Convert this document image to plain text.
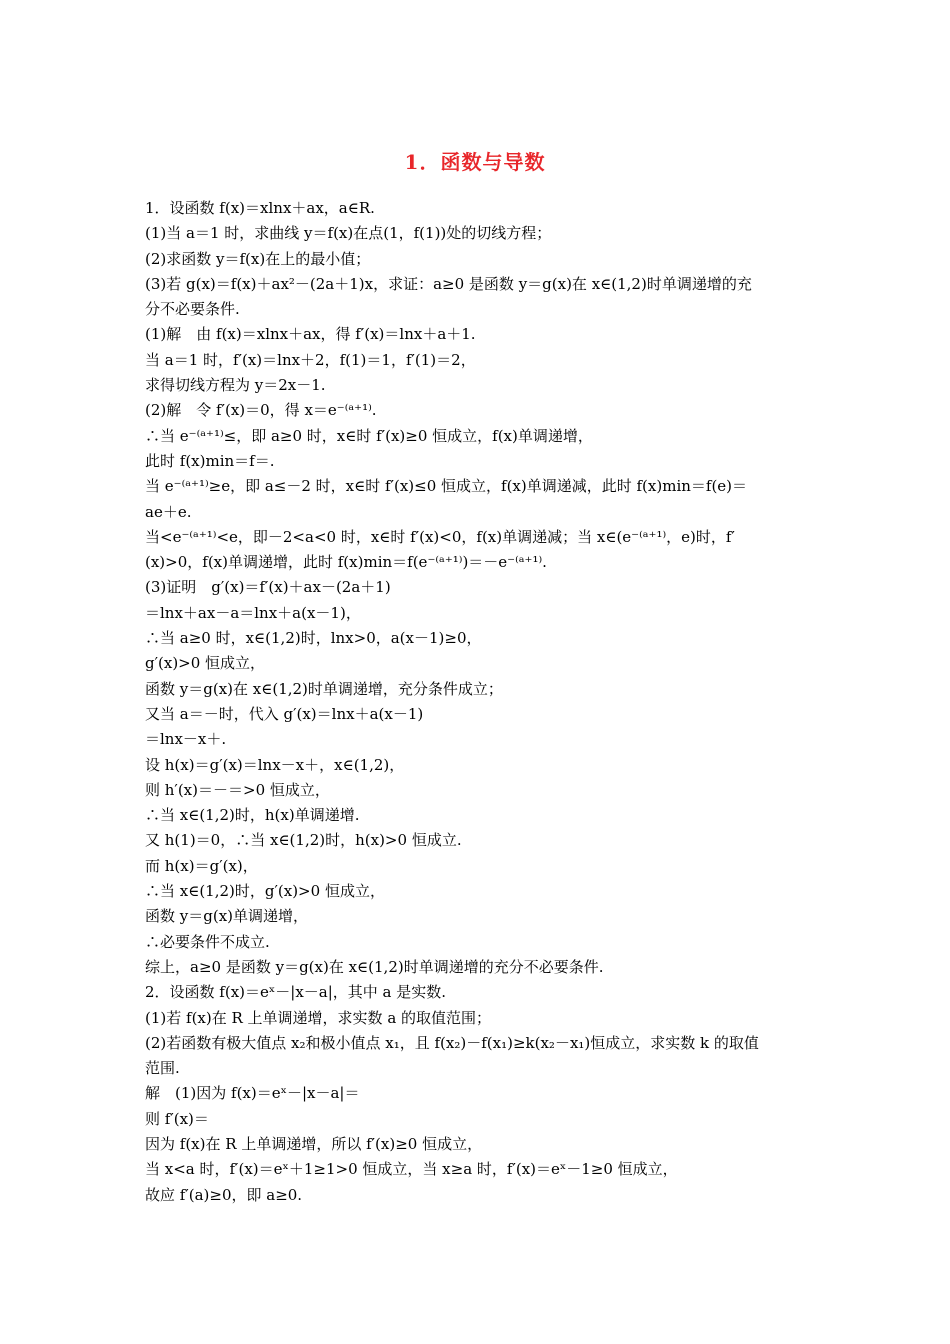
1．函数与导数
1．设函数 f(x)＝xlnx＋ax，a∈R.
(1)当 a＝1 时，求曲线 y＝f(x)在点(1，f(1))处的切线方程；
(2)求函数 y＝f(x)在上的最小值；
(3)若 g(x)＝f(x)＋ax²－(2a＋1)x，求证：a≥0 是函数 y＝g(x)在 x∈(1,2)时单调递增的充
分不必要条件.
(1)解　由 f(x)＝xlnx＋ax，得 f′(x)＝lnx＋a＋1.
当 a＝1 时，f′(x)＝lnx＋2，f(1)＝1，f′(1)＝2，
求得切线方程为 y＝2x－1.
(2)解　令 f′(x)＝0，得 x＝e⁻⁽ᵃ⁺¹⁾.
∴当 e⁻⁽ᵃ⁺¹⁾≤，即 a≥0 时，x∈时 f′(x)≥0 恒成立，f(x)单调递增，
此时 f(x)min＝f＝.
当 e⁻⁽ᵃ⁺¹⁾≥e，即 a≤－2 时，x∈时 f′(x)≤0 恒成立，f(x)单调递减，此时 f(x)min＝f(e)＝
ae＋e.
当<e⁻⁽ᵃ⁺¹⁾<e，即－2<a<0 时，x∈时 f′(x)<0，f(x)单调递减；当 x∈(e⁻⁽ᵃ⁺¹⁾，e)时，f′
(x)>0，f(x)单调递增，此时 f(x)min＝f(e⁻⁽ᵃ⁺¹⁾)＝－e⁻⁽ᵃ⁺¹⁾.
(3)证明　g′(x)＝f′(x)＋ax－(2a＋1)
＝lnx＋ax－a＝lnx＋a(x－1)，
∴当 a≥0 时，x∈(1,2)时，lnx>0，a(x－1)≥0，
g′(x)>0 恒成立，
函数 y＝g(x)在 x∈(1,2)时单调递增，充分条件成立；
又当 a＝－时，代入 g′(x)＝lnx＋a(x－1)
＝lnx－x＋.
设 h(x)＝g′(x)＝lnx－x＋，x∈(1,2)，
则 h′(x)＝－＝>0 恒成立，
∴当 x∈(1,2)时，h(x)单调递增.
又 h(1)＝0，∴当 x∈(1,2)时，h(x)>0 恒成立.
而 h(x)＝g′(x)，
∴当 x∈(1,2)时，g′(x)>0 恒成立，
函数 y＝g(x)单调递增，
∴必要条件不成立.
综上，a≥0 是函数 y＝g(x)在 x∈(1,2)时单调递增的充分不必要条件.
2．设函数 f(x)＝eˣ－|x－a|，其中 a 是实数.
(1)若 f(x)在 R 上单调递增，求实数 a 的取值范围；
(2)若函数有极大值点 x₂和极小值点 x₁，且 f(x₂)－f(x₁)≥k(x₂－x₁)恒成立，求实数 k 的取值
范围.
解　(1)因为 f(x)＝eˣ－|x－a|＝
则 f′(x)＝
因为 f(x)在 R 上单调递增，所以 f′(x)≥0 恒成立，
当 x<a 时，f′(x)＝eˣ＋1≥1>0 恒成立，当 x≥a 时，f′(x)＝eˣ－1≥0 恒成立，
故应 f′(a)≥0，即 a≥0.
